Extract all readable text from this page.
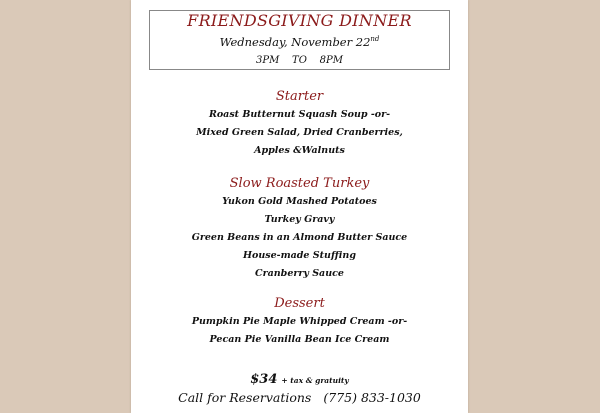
FRIENDSGIVING DINNER
Wednesday, November 22nd
3PM    TO    8PM
Starter
Roast Butternut Squash Soup -or-
Mixed Green Salad, Dried Cranberries,
Apples &Walnuts
Slow Roasted Turkey
Yukon Gold Mashed Potatoes
Turkey Gravy
Green Beans in an Almond Butter Sauce
House-made Stuffing
Cranberry Sauce
Dessert
Pumpkin Pie Maple Whipped Cream -or-
Pecan Pie Vanilla Bean Ice Cream
$34 + tax & gratuity
Call for Reservations (775) 833-1030
